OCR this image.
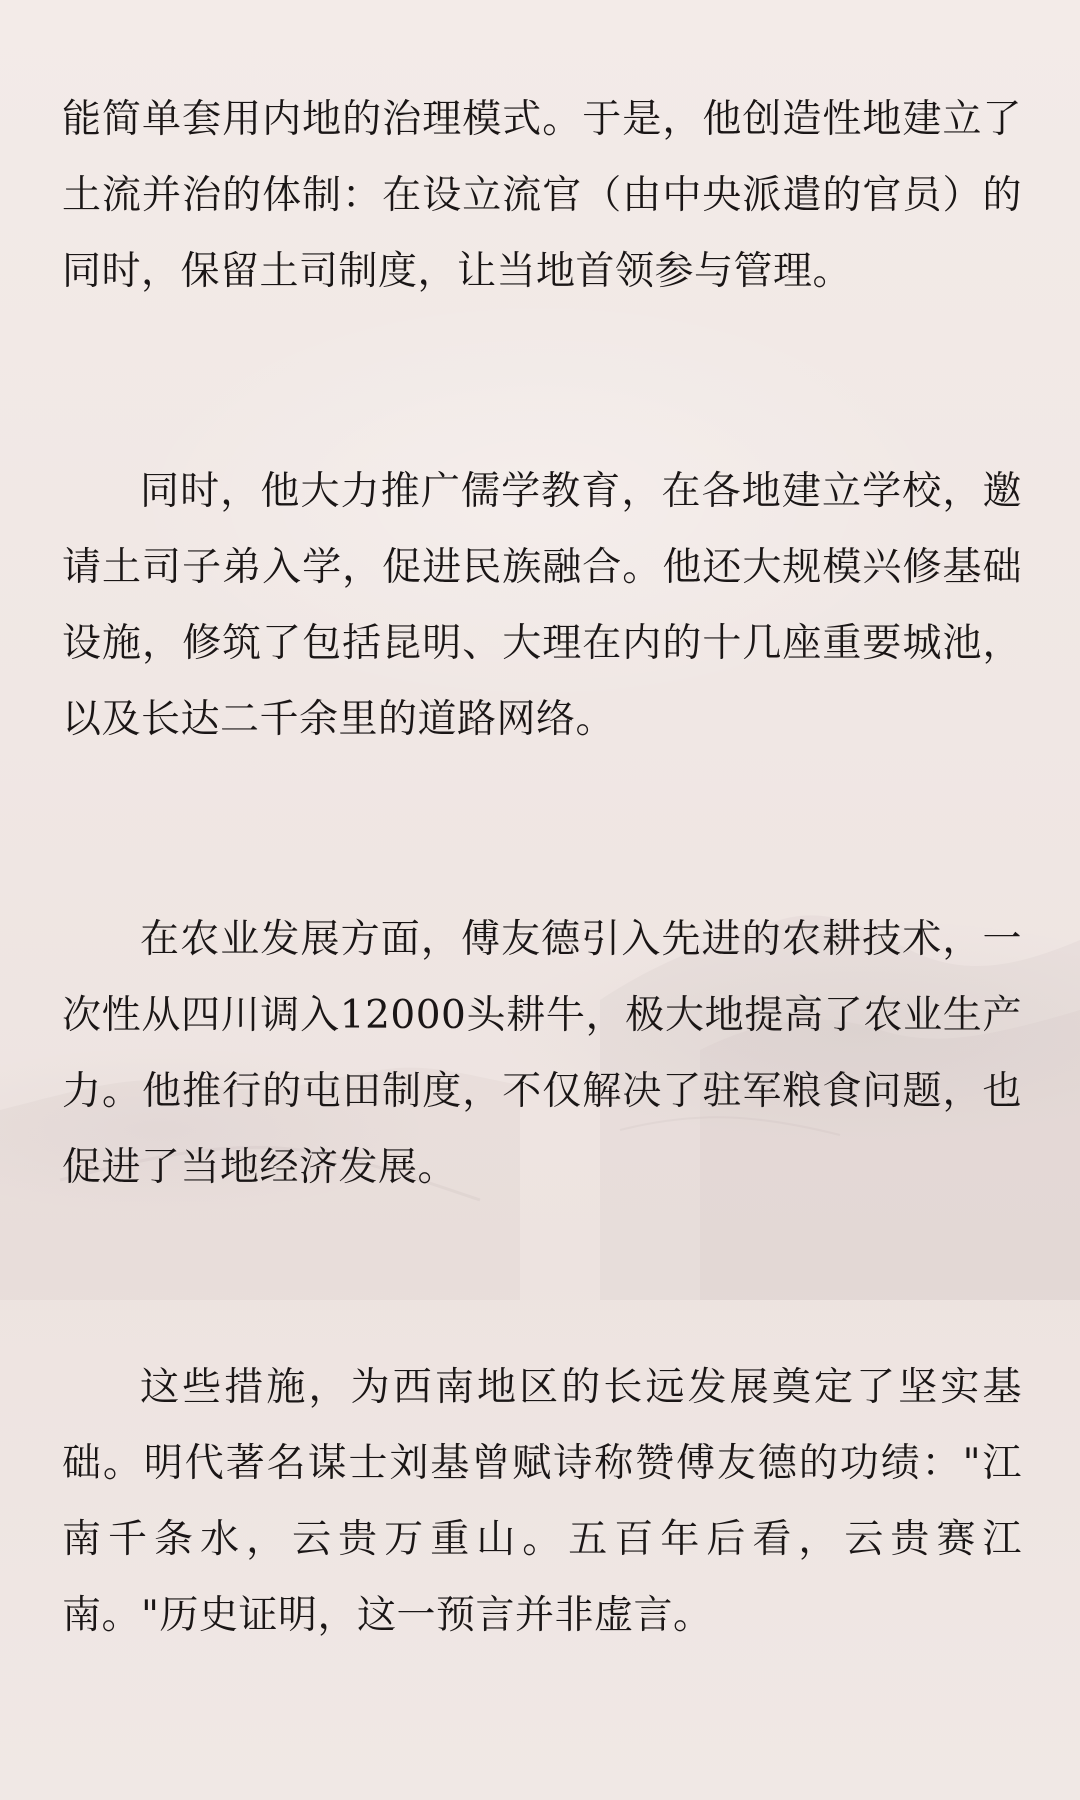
能简单套用内地的治理模式。于是，他创造性地建立了土流并治的体制：在设立流官（由中央派遣的官员）的同时，保留土司制度，让当地首领参与管理。

同时，他大力推广儒学教育，在各地建立学校，邀请土司子弟入学，促进民族融合。他还大规模兴修基础设施，修筑了包括昆明、大理在内的十几座重要城池，以及长达二千余里的道路网络。

在农业发展方面，傅友德引入先进的农耕技术，一次性从四川调入12000头耕牛，极大地提高了农业生产力。他推行的屯田制度，不仅解决了驻军粮食问题，也促进了当地经济发展。

这些措施，为西南地区的长远发展奠定了坚实基础。明代著名谋士刘基曾赋诗称赞傅友德的功绩："江南千条水，云贵万重山。五百年后看，云贵赛江南。"历史证明，这一预言并非虚言。
